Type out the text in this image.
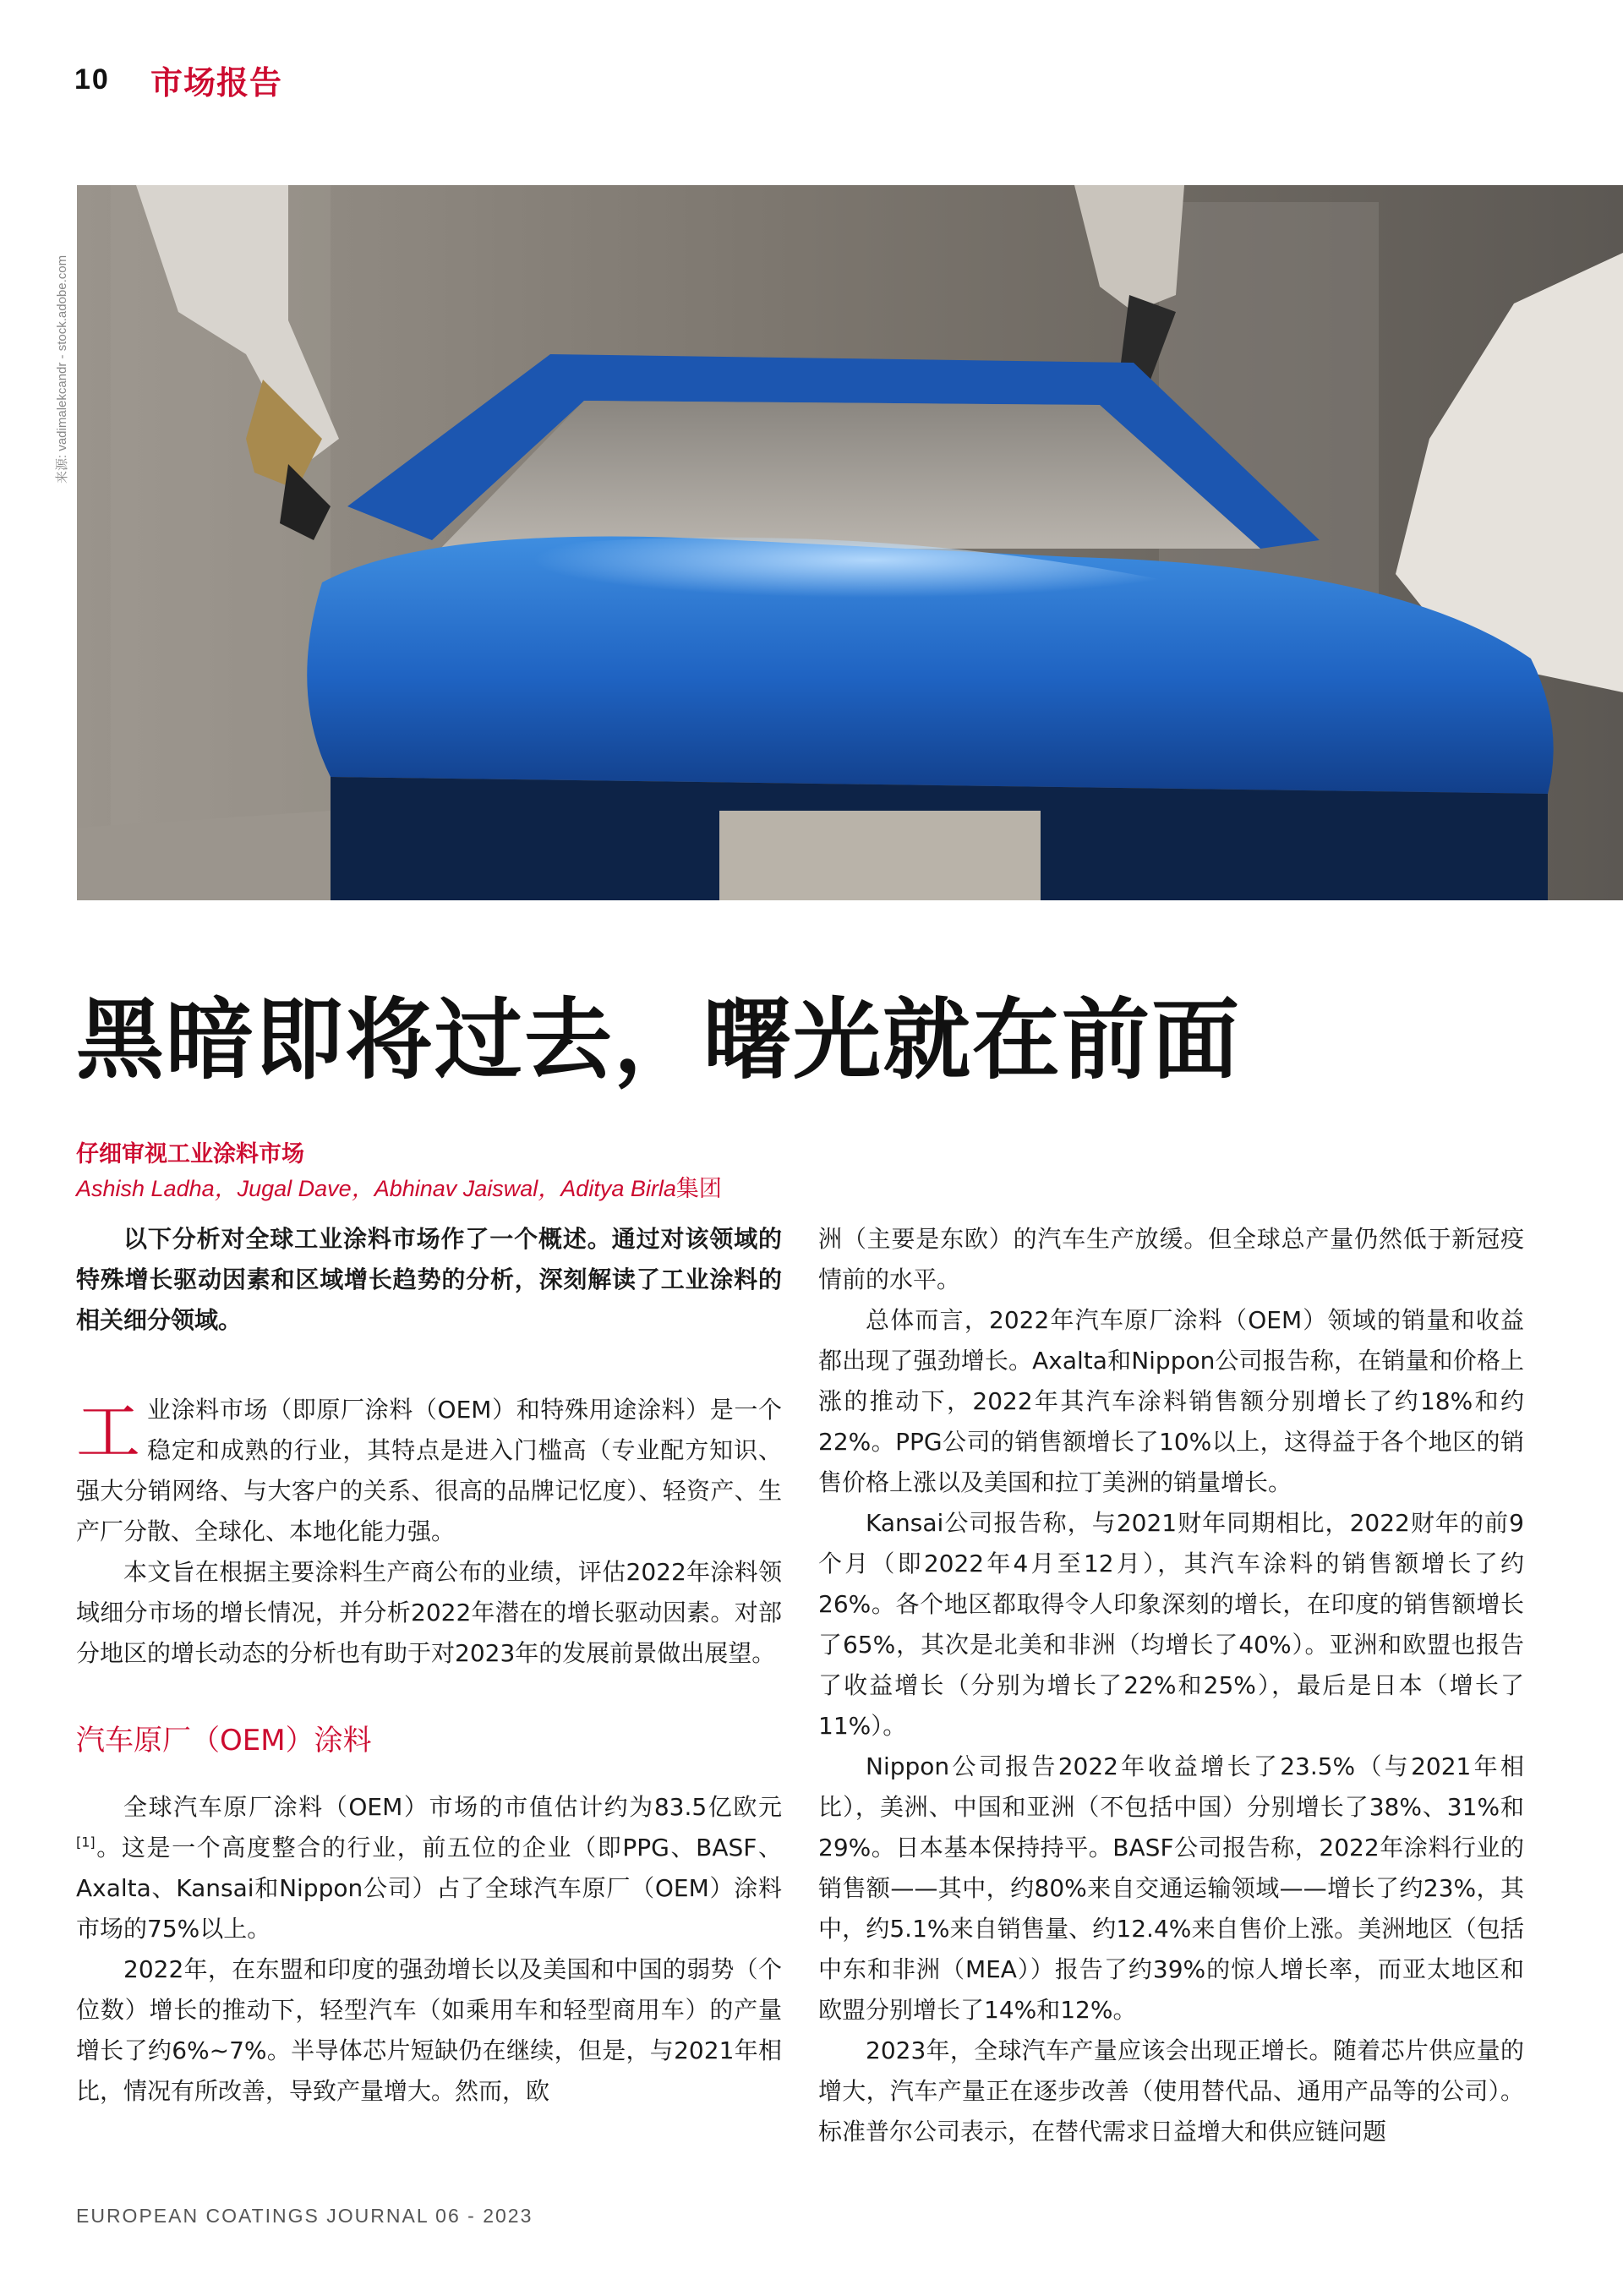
10	市场报告
来源: vadimalekcandr - stock.adobe.com
黑暗即将过去，曙光就在前面
仔细审视工业涂料市场
Ashish Ladha，Jugal Dave，Abhinav Jaiswal，Aditya Birla集团

以下分析对全球工业涂料市场作了一个概述。通过对该领域的特殊增长驱动因素和区域增长趋势的分析，深刻解读了工业涂料的相关细分领域。

工业涂料市场（即原厂涂料（OEM）和特殊用途涂料）是一个稳定和成熟的行业，其特点是进入门槛高（专业配方知识、强大分销网络、与大客户的关系、很高的品牌记忆度）、轻资产、生产厂分散、全球化、本地化能力强。

本文旨在根据主要涂料生产商公布的业绩，评估2022年涂料领域细分市场的增长情况，并分析2022年潜在的增长驱动因素。对部分地区的增长动态的分析也有助于对2023年的发展前景做出展望。

汽车原厂（OEM）涂料

全球汽车原厂涂料（OEM）市场的市值估计约为83.5亿欧元[1]。这是一个高度整合的行业，前五位的企业（即PPG、BASF、Axalta、Kansai和Nippon公司）占了全球汽车原厂（OEM）涂料市场的75%以上。

2022年，在东盟和印度的强劲增长以及美国和中国的弱势（个位数）增长的推动下，轻型汽车（如乘用车和轻型商用车）的产量增长了约6%~7%。半导体芯片短缺仍在继续，但是，与2021年相比，情况有所改善，导致产量增大。然而，欧

洲（主要是东欧）的汽车生产放缓。但全球总产量仍然低于新冠疫情前的水平。

总体而言，2022年汽车原厂涂料（OEM）领域的销量和收益都出现了强劲增长。Axalta和Nippon公司报告称，在销量和价格上涨的推动下，2022年其汽车涂料销售额分别增长了约18%和约22%。PPG公司的销售额增长了10%以上，这得益于各个地区的销售价格上涨以及美国和拉丁美洲的销量增长。

Kansai公司报告称，与2021财年同期相比，2022财年的前9个月（即2022年4月至12月），其汽车涂料的销售额增长了约26%。各个地区都取得令人印象深刻的增长，在印度的销售额增长了65%，其次是北美和非洲（均增长了40%）。亚洲和欧盟也报告了收益增长（分别为增长了22%和25%），最后是日本（增长了11%）。

Nippon公司报告2022年收益增长了23.5%（与2021年相比），美洲、中国和亚洲（不包括中国）分别增长了38%、31%和29%。日本基本保持持平。BASF公司报告称，2022年涂料行业的销售额——其中，约80%来自交通运输领域——增长了约23%，其中，约5.1%来自销售量、约12.4%来自售价上涨。美洲地区（包括中东和非洲（MEA））报告了约39%的惊人增长率，而亚太地区和欧盟分别增长了14%和12%。

2023年，全球汽车产量应该会出现正增长。随着芯片供应量的增大，汽车产量正在逐步改善（使用替代品、通用产品等的公司）。标准普尔公司表示，在替代需求日益增大和供应链问题

EUROPEAN COATINGS JOURNAL 06 - 2023
